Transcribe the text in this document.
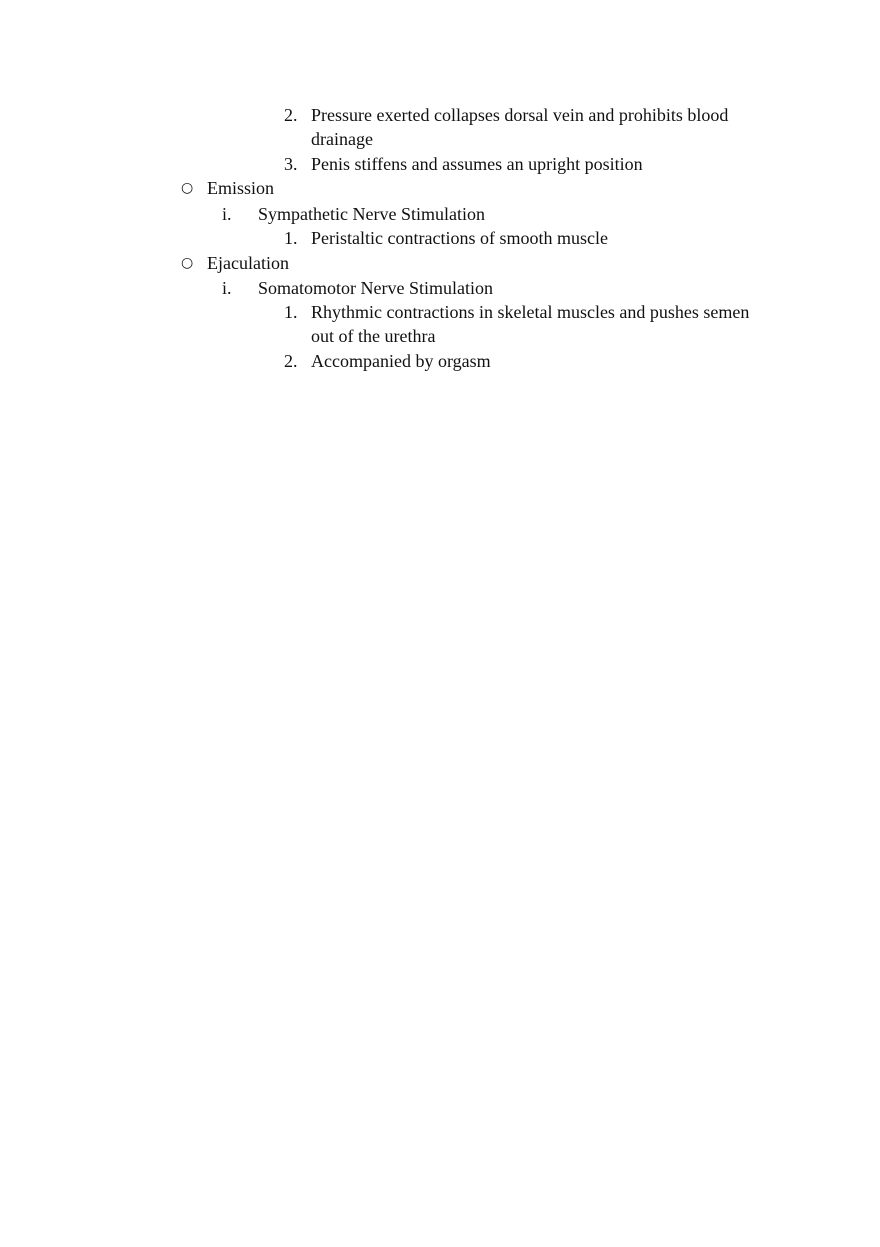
2. Pressure exerted collapses dorsal vein and prohibits blood
drainage
3. Penis stiffens and assumes an upright position
○ Emission
i. Sympathetic Nerve Stimulation
1. Peristaltic contractions of smooth muscle
○ Ejaculation
i. Somatomotor Nerve Stimulation
1. Rhythmic contractions in skeletal muscles and pushes semen
out of the urethra
2. Accompanied by orgasm
